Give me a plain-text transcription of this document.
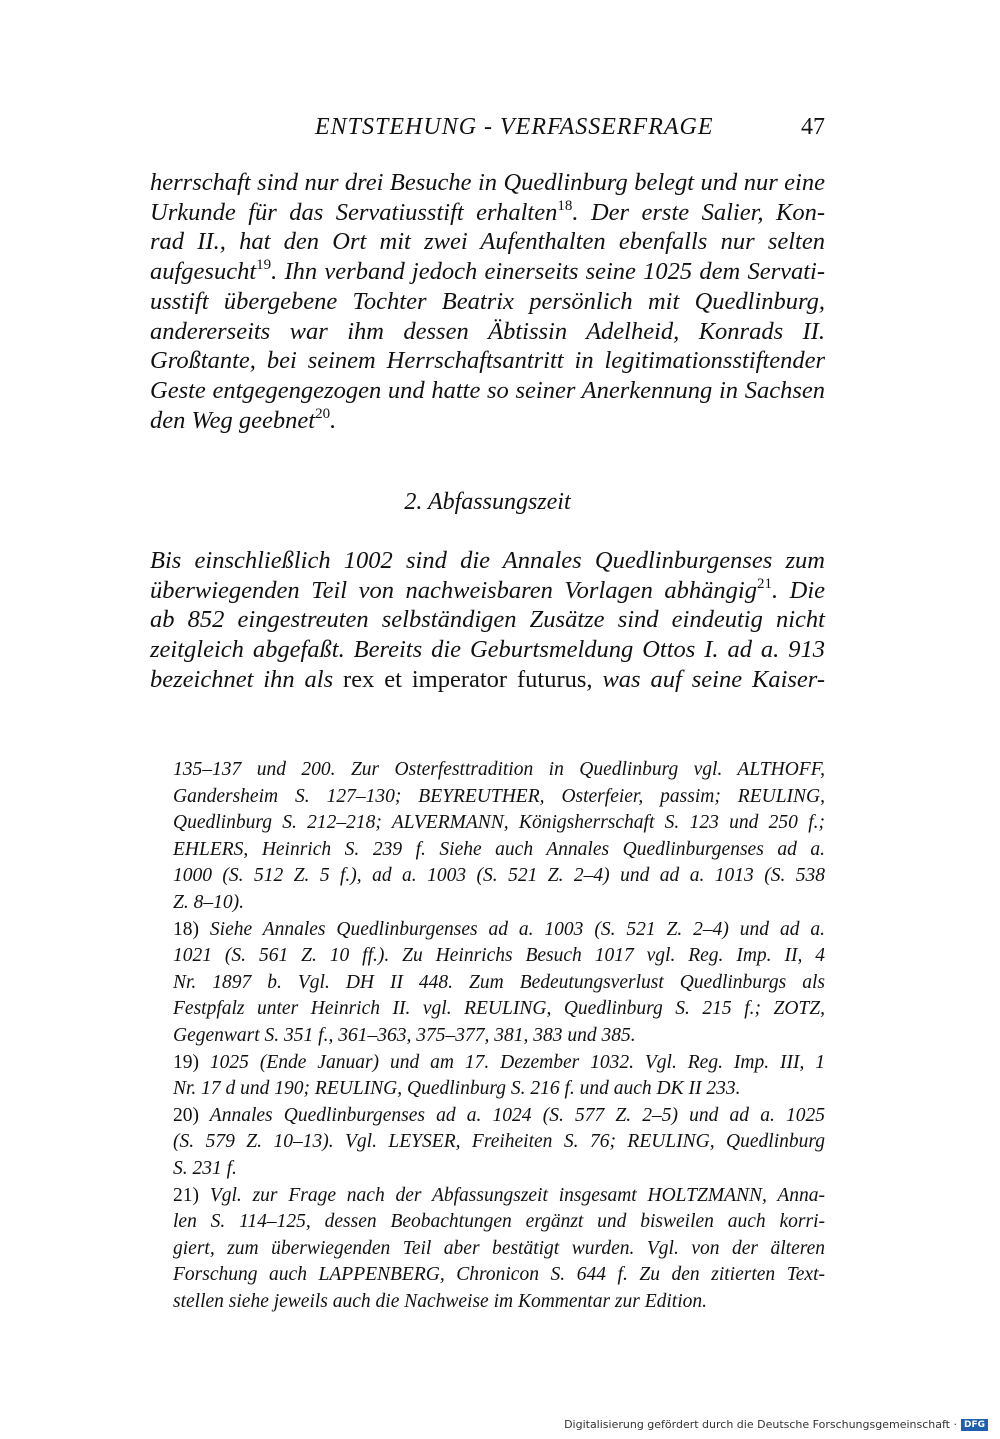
ENTSTEHUNG - VERFASSERFRAGE	47
herrschaft sind nur drei Besuche in Quedlinburg belegt und nur eine
Urkunde für das Servatiusstift erhalten$^{18}$. Der erste Salier, Kon-
rad II., hat den Ort mit zwei Aufenthalten ebenfalls nur selten
aufgesucht$^{19}$. Ihn verband jedoch einerseits seine 1025 dem Servati-
usstift übergebene Tochter Beatrix persönlich mit Quedlinburg,
andererseits war ihm dessen Äbtissin Adelheid, Konrads II.
Großtante, bei seinem Herrschaftsantritt in legitimationsstiftender
Geste entgegengezogen und hatte so seiner Anerkennung in Sachsen
den Weg geebnet$^{20}$.
2. Abfassungszeit
Bis einschließlich 1002 sind die Annales Quedlinburgenses zum
überwiegenden Teil von nachweisbaren Vorlagen abhängig$^{21}$. Die
ab 852 eingestreuten selbständigen Zusätze sind eindeutig nicht
zeitgleich abgefaßt. Bereits die Geburtsmeldung Ottos I. ad a. 913
bezeichnet ihn als rex et imperator futurus, was auf seine Kaiser-
135–137 und 200. Zur Osterfesttradition in Quedlinburg vgl. ALTHOFF,
Gandersheim S. 127–130; BEYREUTHER, Osterfeier, passim; REULING,
Quedlinburg S. 212–218; ALVERMANN, Königsherrschaft S. 123 und 250 f.;
EHLERS, Heinrich S. 239 f. Siehe auch Annales Quedlinburgenses ad a.
1000 (S. 512 Z. 5 f.), ad a. 1003 (S. 521 Z. 2–4) und ad a. 1013 (S. 538
Z. 8–10).
18) Siehe Annales Quedlinburgenses ad a. 1003 (S. 521 Z. 2–4) und ad a.
1021 (S. 561 Z. 10 ff.). Zu Heinrichs Besuch 1017 vgl. Reg. Imp. II, 4
Nr. 1897 b. Vgl. DH II 448. Zum Bedeutungsverlust Quedlinburgs als
Festpfalz unter Heinrich II. vgl. REULING, Quedlinburg S. 215 f.; ZOTZ,
Gegenwart S. 351 f., 361–363, 375–377, 381, 383 und 385.
19) 1025 (Ende Januar) und am 17. Dezember 1032. Vgl. Reg. Imp. III, 1
Nr. 17 d und 190; REULING, Quedlinburg S. 216 f. und auch DK II 233.
20) Annales Quedlinburgenses ad a. 1024 (S. 577 Z. 2–5) und ad a. 1025
(S. 579 Z. 10–13). Vgl. LEYSER, Freiheiten S. 76; REULING, Quedlinburg
S. 231 f.
21) Vgl. zur Frage nach der Abfassungszeit insgesamt HOLTZMANN, Anna-
len S. 114–125, dessen Beobachtungen ergänzt und bisweilen auch korri-
giert, zum überwiegenden Teil aber bestätigt wurden. Vgl. von der älteren
Forschung auch LAPPENBERG, Chronicon S. 644 f. Zu den zitierten Text-
stellen siehe jeweils auch die Nachweise im Kommentar zur Edition.
Digitalisierung gefördert durch die Deutsche Forschungsgemeinschaft · DFG
